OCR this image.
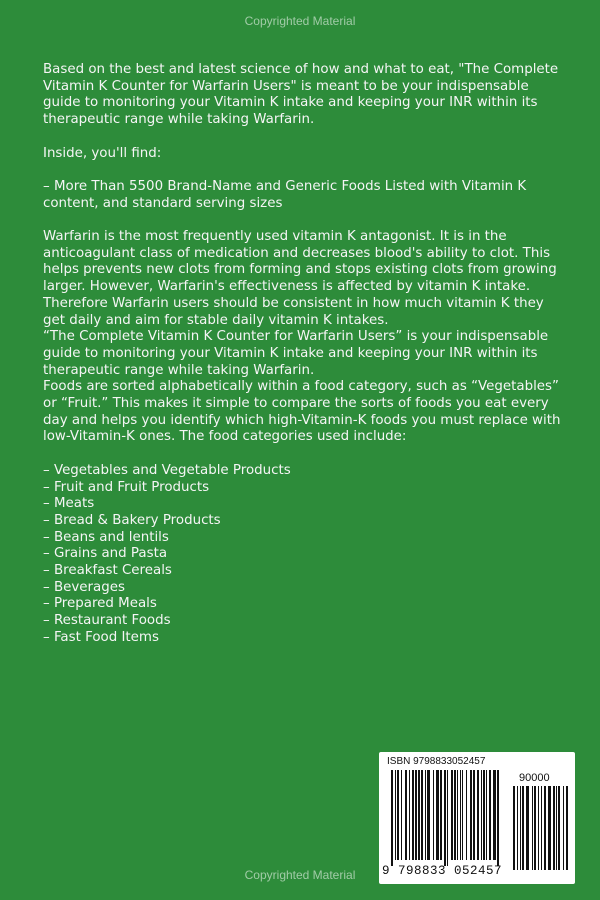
Copyrighted Material

Based on the best and latest science of how and what to eat, "The Complete Vitamin K Counter for Warfarin Users" is meant to be your indispensable guide to monitoring your Vitamin K intake and keeping your INR within its therapeutic range while taking Warfarin.

Inside, you'll find:

– More Than 5500 Brand-Name and Generic Foods Listed with Vitamin K content, and standard serving sizes

Warfarin is the most frequently used vitamin K antagonist. It is in the anticoagulant class of medication and decreases blood's ability to clot. This helps prevents new clots from forming and stops existing clots from growing larger. However, Warfarin's effectiveness is affected by vitamin K intake. Therefore Warfarin users should be consistent in how much vitamin K they get daily and aim for stable daily vitamin K intakes.

“The Complete Vitamin K Counter for Warfarin Users” is your indispensable guide to monitoring your Vitamin K intake and keeping your INR within its therapeutic range while taking Warfarin.

Foods are sorted alphabetically within a food category, such as “Vegetables” or “Fruit.” This makes it simple to compare the sorts of foods you eat every day and helps you identify which high-Vitamin-K foods you must replace with low-Vitamin-K ones. The food categories used include:

– Vegetables and Vegetable Products
– Fruit and Fruit Products
– Meats
– Bread & Bakery Products
– Beans and lentils
– Grains and Pasta
– Breakfast Cereals
– Beverages
– Prepared Meals
– Restaurant Foods
– Fast Food Items
ISBN 9798833052457
90000
9 798833 052457
Copyrighted Material
